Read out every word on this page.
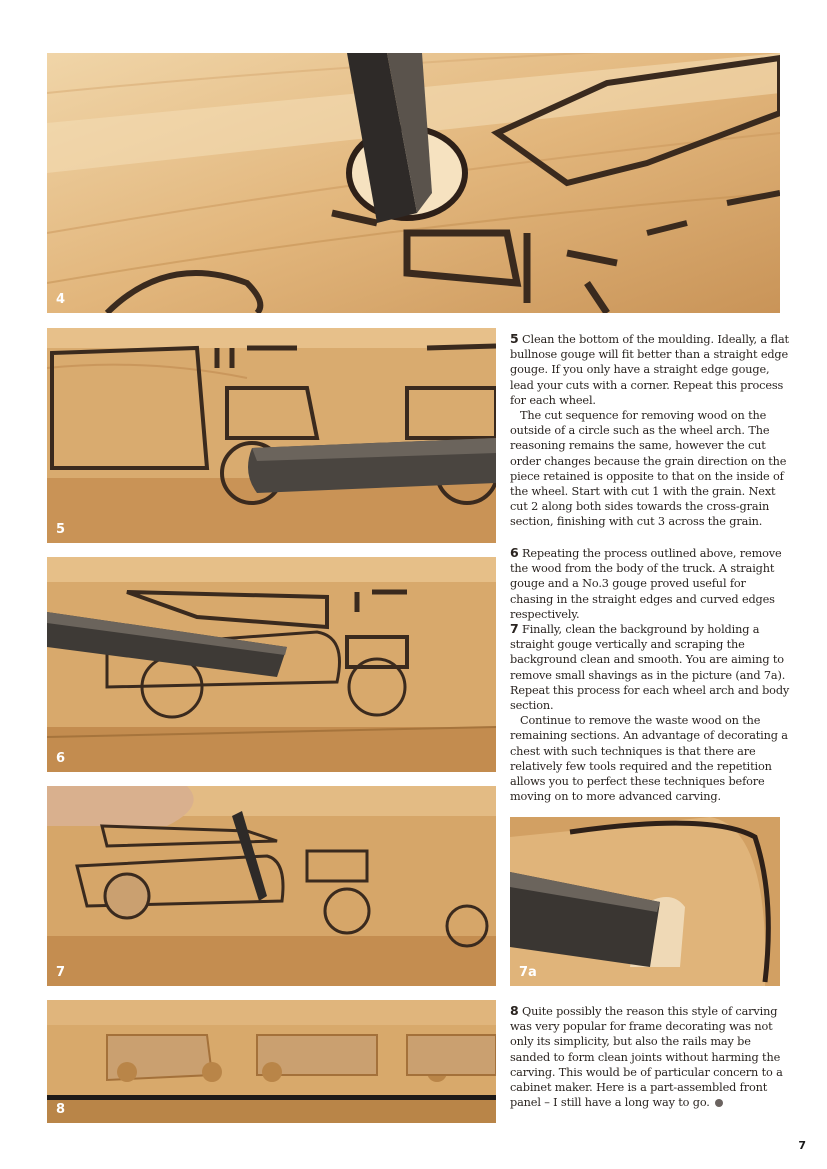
4
5
6
7	7a
8

5 Clean the bottom of the moulding. Ideally, a flat bullnose gouge will fit better than a straight edge gouge. If you only have a straight edge gouge, lead your cuts with a corner. Repeat this process for each wheel.

The cut sequence for removing wood on the outside of a circle such as the wheel arch. The reasoning remains the same, however the cut order changes because the grain direction on the piece retained is opposite to that on the inside of the wheel. Start with cut 1 with the grain. Next cut 2 along both sides towards the cross-grain section, finishing with cut 3 across the grain.

6 Repeating the process outlined above, remove the wood from the body of the truck. A straight gouge and a No.3 gouge proved useful for chasing in the straight edges and curved edges respectively.

7 Finally, clean the background by holding a straight gouge vertically and scraping the background clean and smooth. You are aiming to remove small shavings as in the picture (and 7a). Repeat this process for each wheel arch and body section.

Continue to remove the waste wood on the remaining sections. An advantage of decorating a chest with such techniques is that there are relatively few tools required and the repetition allows you to perfect these techniques before moving on to more advanced carving.

8 Quite possibly the reason this style of carving was very popular for frame decorating was not only its simplicity, but also the rails may be sanded to form clean joints without harming the carving. This would be of particular concern to a cabinet maker. Here is a part-assembled front panel – I still have a long way to go.

7
